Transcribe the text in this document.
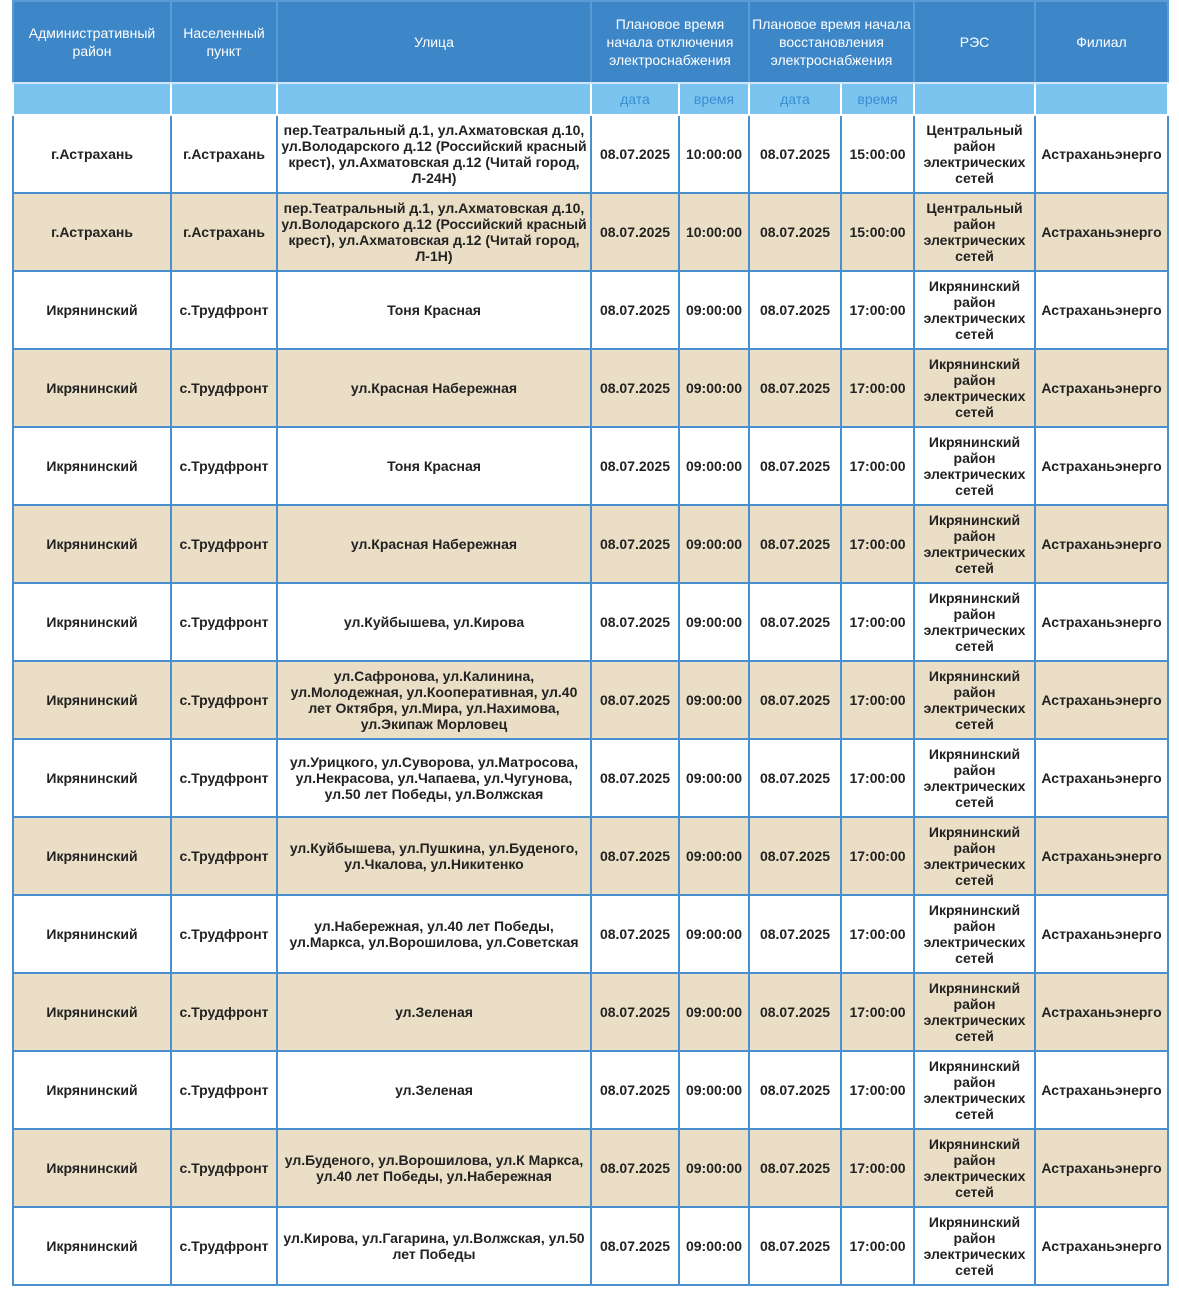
Административный район	Населенный пункт	Улица	Плановое время начала отключения электроснабжения		Плановое время начала восстановления электроснабжения		РЭС	Филиал
			дата	время	дата	время		
г.Астрахань	г.Астрахань	пер.Театральный д.1, ул.Ахматовская д.10, ул.Володарского д.12 (Российский красный крест), ул.Ахматовская д.12 (Читай город, Л-24Н)	08.07.2025	10:00:00	08.07.2025	15:00:00	Центральный район электрических сетей	Астраханьэнерго
г.Астрахань	г.Астрахань	пер.Театральный д.1, ул.Ахматовская д.10, ул.Володарского д.12 (Российский красный крест), ул.Ахматовская д.12 (Читай город, Л-1Н)	08.07.2025	10:00:00	08.07.2025	15:00:00	Центральный район электрических сетей	Астраханьэнерго
Икрянинский	с.Трудфронт	Тоня Красная	08.07.2025	09:00:00	08.07.2025	17:00:00	Икрянинский район электрических сетей	Астраханьэнерго
Икрянинский	с.Трудфронт	ул.Красная Набережная	08.07.2025	09:00:00	08.07.2025	17:00:00	Икрянинский район электрических сетей	Астраханьэнерго
Икрянинский	с.Трудфронт	Тоня Красная	08.07.2025	09:00:00	08.07.2025	17:00:00	Икрянинский район электрических сетей	Астраханьэнерго
Икрянинский	с.Трудфронт	ул.Красная Набережная	08.07.2025	09:00:00	08.07.2025	17:00:00	Икрянинский район электрических сетей	Астраханьэнерго
Икрянинский	с.Трудфронт	ул.Куйбышева, ул.Кирова	08.07.2025	09:00:00	08.07.2025	17:00:00	Икрянинский район электрических сетей	Астраханьэнерго
Икрянинский	с.Трудфронт	ул.Сафронова, ул.Калинина, ул.Молодежная, ул.Кооперативная, ул.40 лет Октября, ул.Мира, ул.Нахимова, ул.Экипаж Морловец	08.07.2025	09:00:00	08.07.2025	17:00:00	Икрянинский район электрических сетей	Астраханьэнерго
Икрянинский	с.Трудфронт	ул.Урицкого, ул.Суворова, ул.Матросова, ул.Некрасова, ул.Чапаева, ул.Чугунова, ул.50 лет Победы, ул.Волжская	08.07.2025	09:00:00	08.07.2025	17:00:00	Икрянинский район электрических сетей	Астраханьэнерго
Икрянинский	с.Трудфронт	ул.Куйбышева, ул.Пушкина, ул.Буденого, ул.Чкалова, ул.Никитенко	08.07.2025	09:00:00	08.07.2025	17:00:00	Икрянинский район электрических сетей	Астраханьэнерго
Икрянинский	с.Трудфронт	ул.Набережная, ул.40 лет Победы, ул.Маркса, ул.Ворошилова, ул.Советская	08.07.2025	09:00:00	08.07.2025	17:00:00	Икрянинский район электрических сетей	Астраханьэнерго
Икрянинский	с.Трудфронт	ул.Зеленая	08.07.2025	09:00:00	08.07.2025	17:00:00	Икрянинский район электрических сетей	Астраханьэнерго
Икрянинский	с.Трудфронт	ул.Зеленая	08.07.2025	09:00:00	08.07.2025	17:00:00	Икрянинский район электрических сетей	Астраханьэнерго
Икрянинский	с.Трудфронт	ул.Буденого, ул.Ворошилова, ул.К Маркса, ул.40 лет Победы, ул.Набережная	08.07.2025	09:00:00	08.07.2025	17:00:00	Икрянинский район электрических сетей	Астраханьэнерго
Икрянинский	с.Трудфронт	ул.Кирова, ул.Гагарина, ул.Волжская, ул.50 лет Победы	08.07.2025	09:00:00	08.07.2025	17:00:00	Икрянинский район электрических сетей	Астраханьэнерго
